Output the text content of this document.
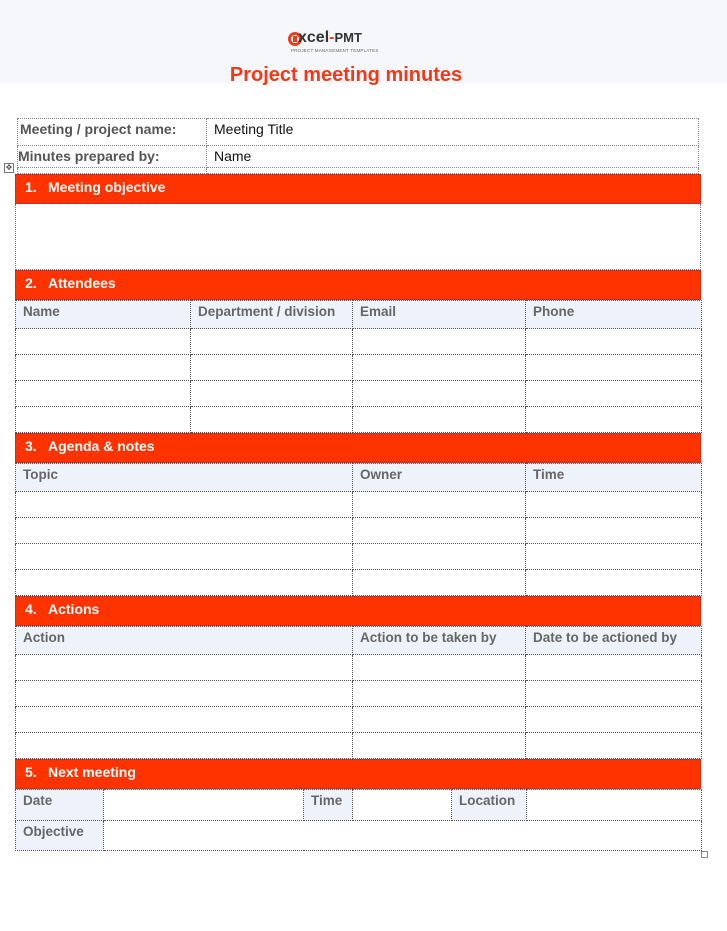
xcel-PMT
PROJECT MANAGEMENT TEMPLATES
Project meeting minutes
✥
Meeting / project name:	Meeting Title
Minutes prepared by:	Name

1. Meeting objective
2. Attendees
Name	Department / division	Email	Phone

3. Agenda & notes
Topic	Owner	Time

4. Actions
Action	Action to be taken by	Date to be actioned by

5. Next meeting
Date		Time		Location	
Objective					
